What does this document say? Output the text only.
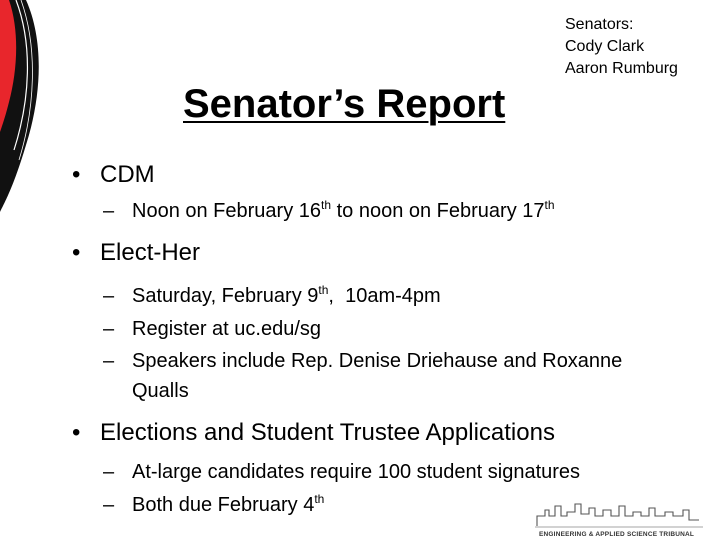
Senators:
Cody Clark
Aaron Rumburg
Senator’s Report
• CDM
– Noon on February 16th to noon on February 17th
• Elect-Her
– Saturday, February 9th,  10am-4pm
– Register at uc.edu/sg
– Speakers include Rep. Denise Driehause and Roxanne Qualls
• Elections and Student Trustee Applications
– At-large candidates require 100 student signatures
– Both due February 4th
ENGINEERING & APPLIED SCIENCE TRIBUNAL
